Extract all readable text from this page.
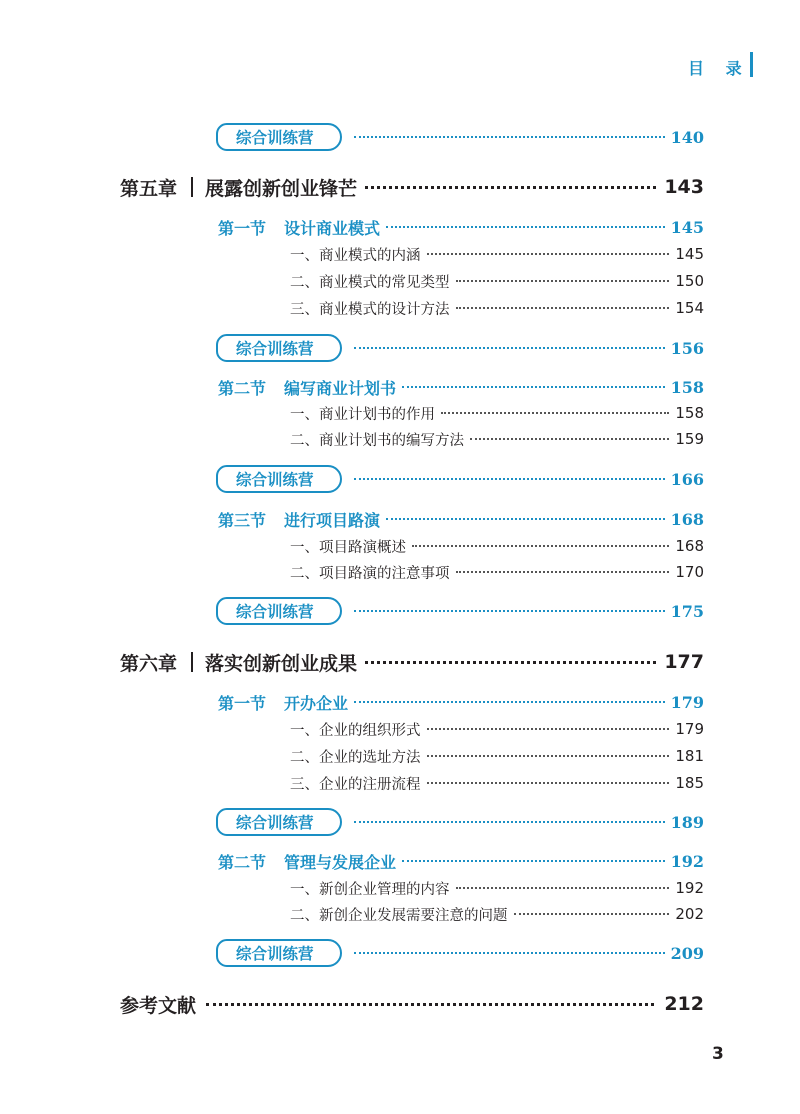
目 录
综合训练营	140
第五章 展露创新创业锋芒	143
第一节 设计商业模式	145
一、商业模式的内涵	145
二、商业模式的常见类型	150
三、商业模式的设计方法	154
综合训练营	156
第二节 编写商业计划书	158
一、商业计划书的作用	158
二、商业计划书的编写方法	159
综合训练营	166
第三节 进行项目路演	168
一、项目路演概述	168
二、项目路演的注意事项	170
综合训练营	175
第六章 落实创新创业成果	177
第一节 开办企业	179
一、企业的组织形式	179
二、企业的选址方法	181
三、企业的注册流程	185
综合训练营	189
第二节 管理与发展企业	192
一、新创企业管理的内容	192
二、新创企业发展需要注意的问题	202
综合训练营	209
参考文献	212
3
